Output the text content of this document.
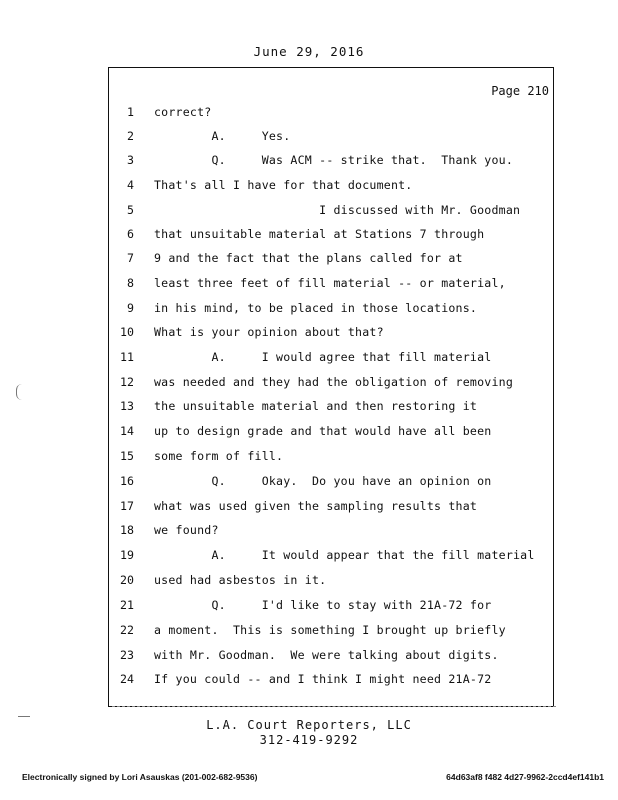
June 29, 2016
Page 210
1 correct?
2 A.     Yes.
3 Q.     Was ACM -- strike that.  Thank you.
4 That's all I have for that document.
5 I discussed with Mr. Goodman
6 that unsuitable material at Stations 7 through
7 9 and the fact that the plans called for at
8 least three feet of fill material -- or material,
9 in his mind, to be placed in those locations.
10 What is your opinion about that?
11 A.     I would agree that fill material
12 was needed and they had the obligation of removing
13 the unsuitable material and then restoring it
14 up to design grade and that would have all been
15 some form of fill.
16 Q.     Okay.  Do you have an opinion on
17 what was used given the sampling results that
18 we found?
19 A.     It would appear that the fill material
20 used had asbestos in it.
21 Q.     I'd like to stay with 21A-72 for
22 a moment.  This is something I brought up briefly
23 with Mr. Goodman.  We were talking about digits.
24 If you could -- and I think I might need 21A-72
L.A. Court Reporters, LLC
312-419-9292
Electronically signed by Lori Asauskas (201-002-682-9536)	64d63af8 f482 4d27-9962-2ccd4ef141b1
